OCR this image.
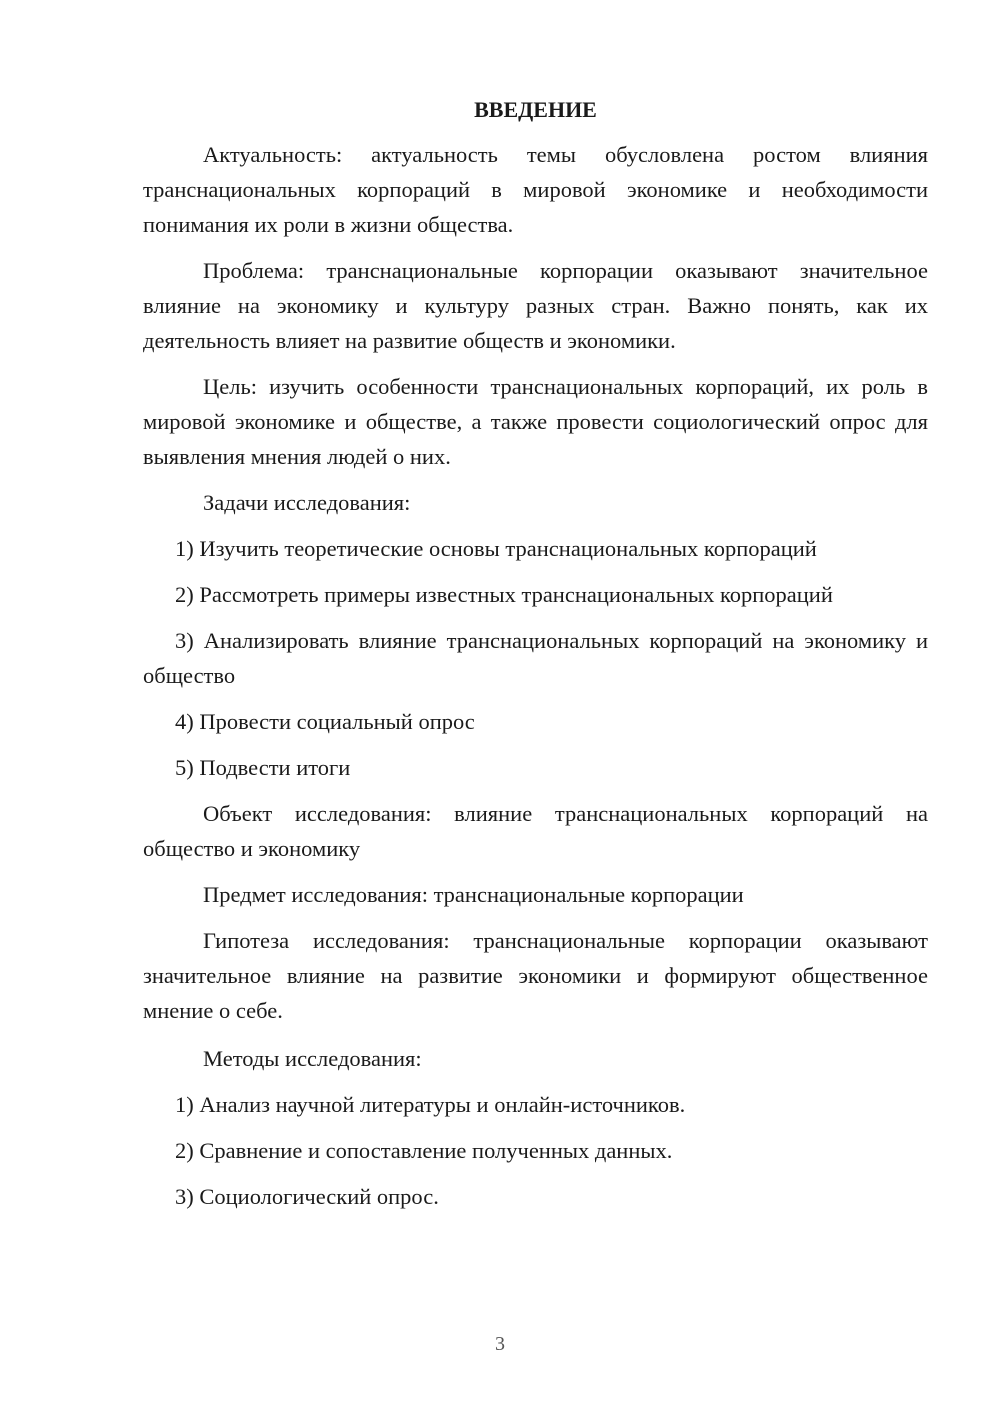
ВВЕДЕНИЕ

Актуальность: актуальность темы обусловлена ростом влияния транснациональных корпораций в мировой экономике и необходимости понимания их роли в жизни общества.

Проблема: транснациональные корпорации оказывают значительное влияние на экономику и культуру разных стран. Важно понять, как их деятельность влияет на развитие обществ и экономики.

Цель: изучить особенности транснациональных корпораций, их роль в мировой экономике и обществе, а также провести социологический опрос для выявления мнения людей о них.

Задачи исследования:

1) Изучить теоретические основы транснациональных корпораций

2) Рассмотреть примеры известных транснациональных корпораций

3) Анализировать влияние транснациональных корпораций на экономику и общество

4) Провести социальный опрос

5) Подвести итоги

Объект исследования: влияние транснациональных корпораций на общество и экономику

Предмет исследования: транснациональные корпорации

Гипотеза исследования: транснациональные корпорации оказывают значительное влияние на развитие экономики и формируют общественное мнение о себе.

Методы исследования:

1) Анализ научной литературы и онлайн-источников.

2) Сравнение и сопоставление полученных данных.

3) Социологический опрос.

3
